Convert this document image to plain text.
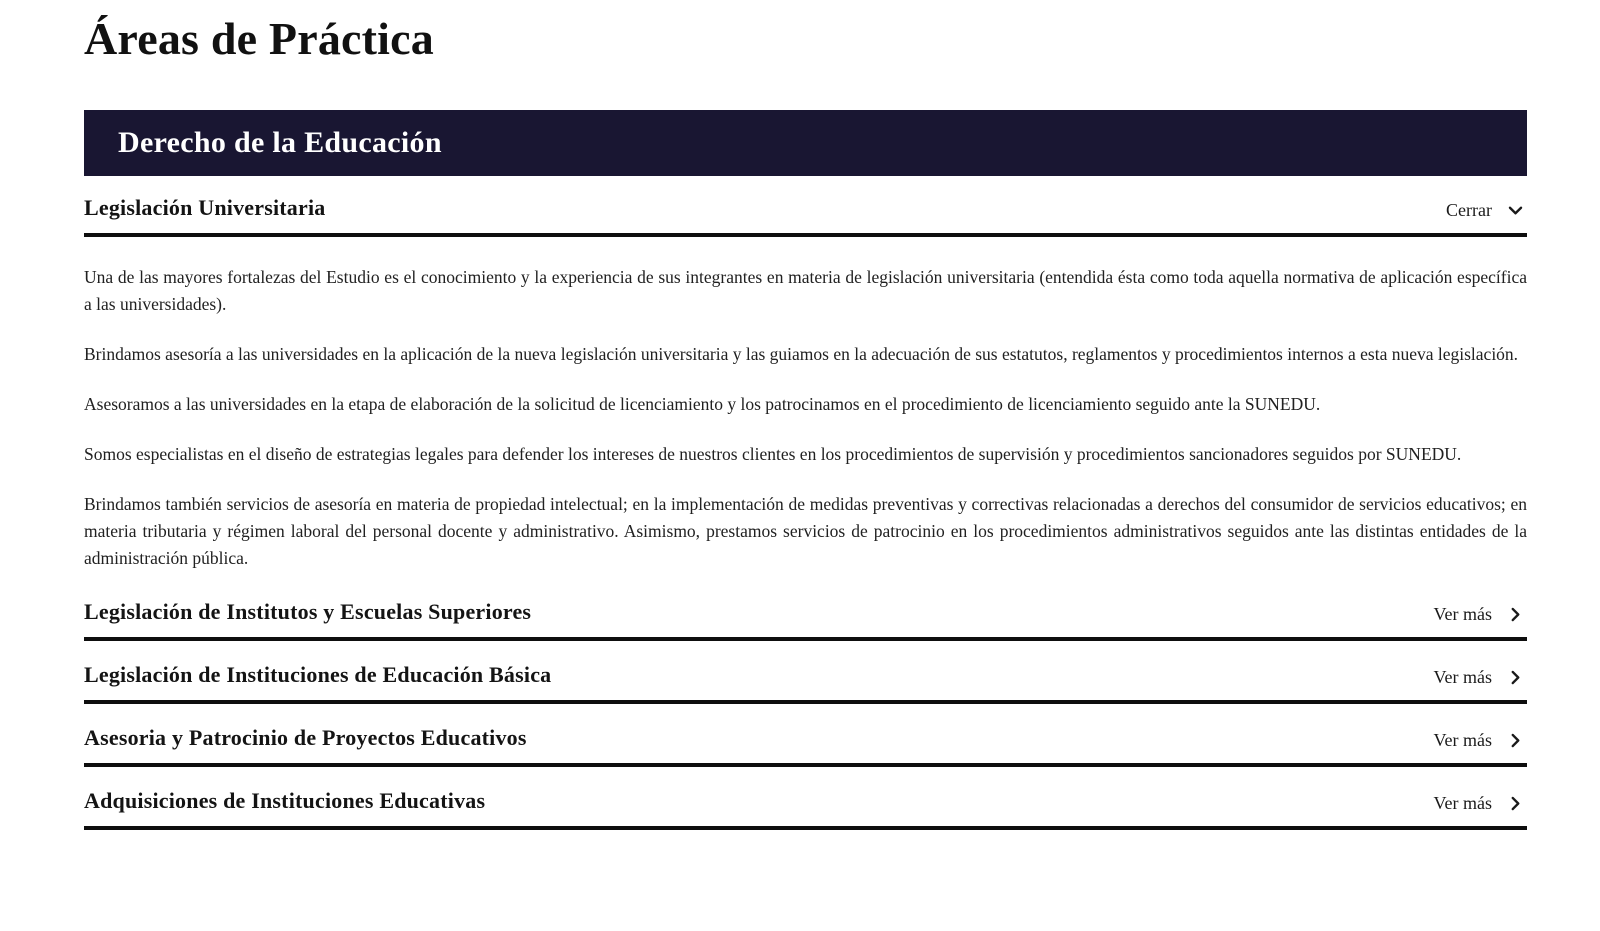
Áreas de Práctica
Derecho de la Educación
Legislación Universitaria	Cerrar

Una de las mayores fortalezas del Estudio es el conocimiento y la experiencia de sus integrantes en materia de legislación universitaria (entendida ésta como toda aquella normativa de aplicación específica a las universidades).

Brindamos asesoría a las universidades en la aplicación de la nueva legislación universitaria y las guiamos en la adecuación de sus estatutos, reglamentos y procedimientos internos a esta nueva legislación.

Asesoramos a las universidades en la etapa de elaboración de la solicitud de licenciamiento y los patrocinamos en el procedimiento de licenciamiento seguido ante la SUNEDU.

Somos especialistas en el diseño de estrategias legales para defender los intereses de nuestros clientes en los procedimientos de supervisión y procedimientos sancionadores seguidos por SUNEDU.

Brindamos también servicios de asesoría en materia de propiedad intelectual; en la implementación de medidas preventivas y correctivas relacionadas a derechos del consumidor de servicios educativos; en materia tributaria y régimen laboral del personal docente y administrativo. Asimismo, prestamos servicios de patrocinio en los procedimientos administrativos seguidos ante las distintas entidades de la administración pública.

Legislación de Institutos y Escuelas Superiores	Ver más
Legislación de Instituciones de Educación Básica	Ver más
Asesoria y Patrocinio de Proyectos Educativos	Ver más
Adquisiciones de Instituciones Educativas	Ver más
